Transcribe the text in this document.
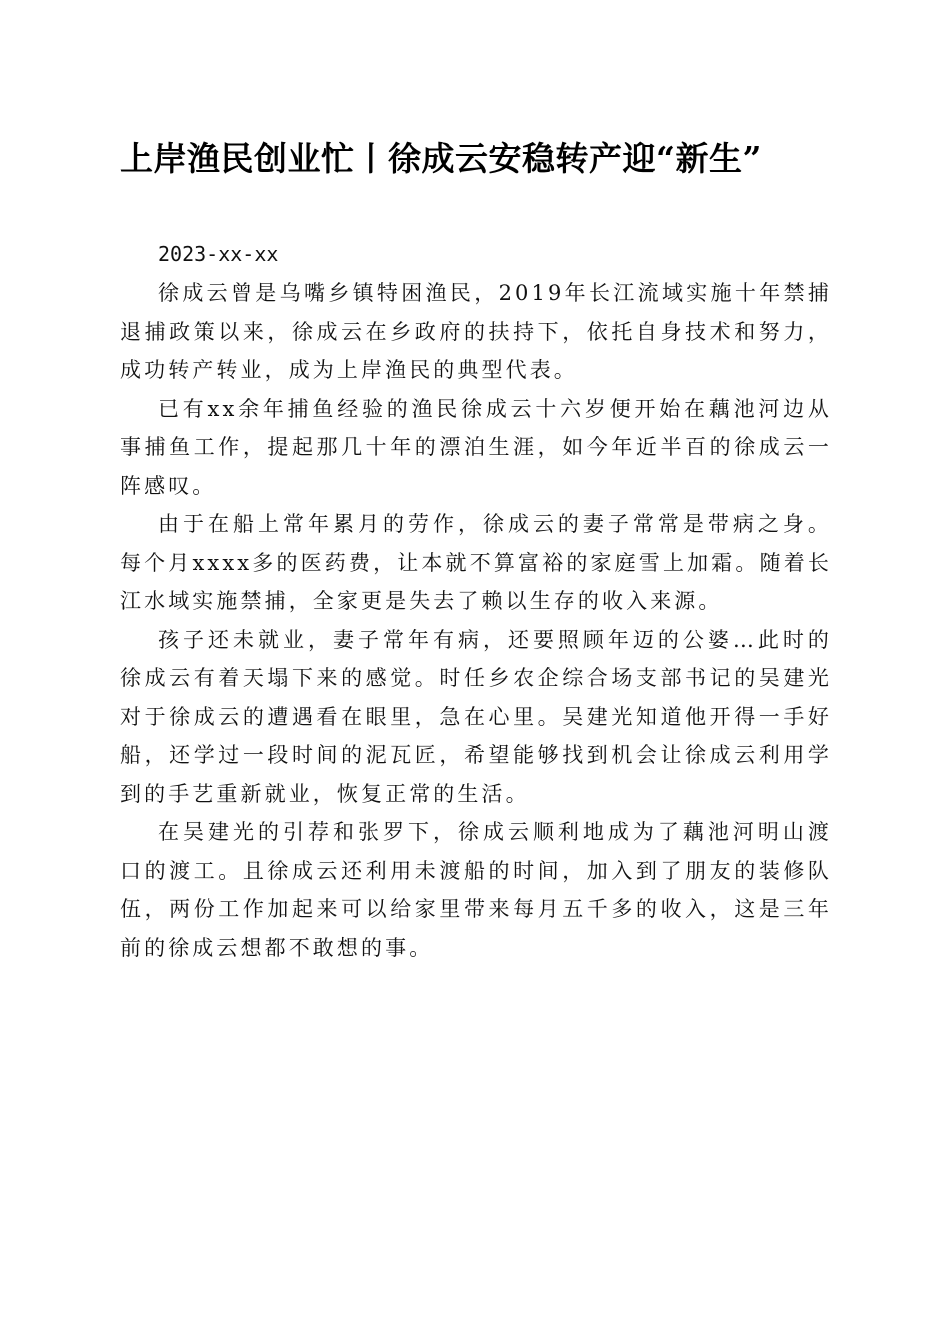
上岸渔民创业忙丨徐成云安稳转产迎“新生”

2023-xx-xx

徐成云曾是乌嘴乡镇特困渔民，2019年长江流域实施十年禁捕退捕政策以来，徐成云在乡政府的扶持下，依托自身技术和努力，成功转产转业，成为上岸渔民的典型代表。

已有xx余年捕鱼经验的渔民徐成云十六岁便开始在藕池河边从事捕鱼工作，提起那几十年的漂泊生涯，如今年近半百的徐成云一阵感叹。

由于在船上常年累月的劳作，徐成云的妻子常常是带病之身。每个月xxxx多的医药费，让本就不算富裕的家庭雪上加霜。随着长江水域实施禁捕，全家更是失去了赖以生存的收入来源。

孩子还未就业，妻子常年有病，还要照顾年迈的公婆…此时的徐成云有着天塌下来的感觉。时任乡农企综合场支部书记的吴建光对于徐成云的遭遇看在眼里，急在心里。吴建光知道他开得一手好船，还学过一段时间的泥瓦匠，希望能够找到机会让徐成云利用学到的手艺重新就业，恢复正常的生活。

在吴建光的引荐和张罗下，徐成云顺利地成为了藕池河明山渡口的渡工。且徐成云还利用未渡船的时间，加入到了朋友的装修队伍，两份工作加起来可以给家里带来每月五千多的收入，这是三年前的徐成云想都不敢想的事。
